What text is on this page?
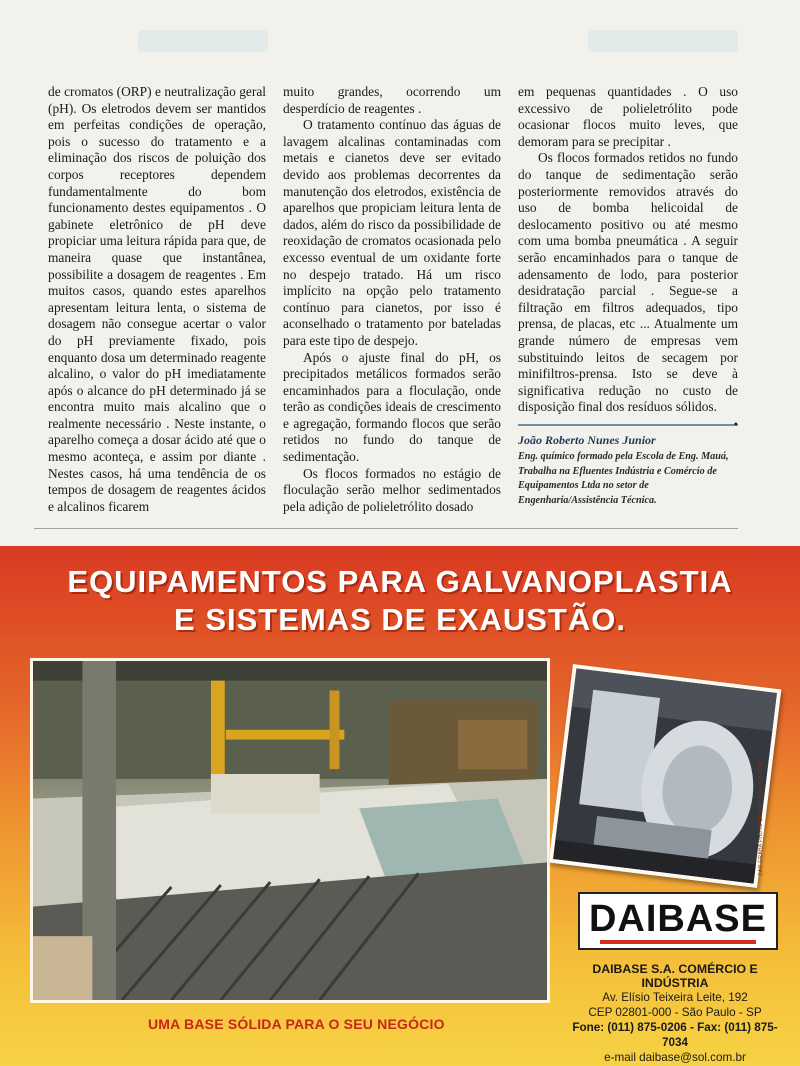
de cromatos (ORP) e neutralização geral (pH). Os eletrodos devem ser mantidos em perfeitas condições de operação, pois o sucesso do tratamento e a eliminação dos riscos de poluição dos corpos receptores dependem fundamentalmente do bom funcionamento destes equipamentos . O gabinete eletrônico de pH deve propiciar uma leitura rápida para que, de maneira quase que instantânea, possibilite a dosagem de reagentes . Em muitos casos, quando estes aparelhos apresentam leitura lenta, o sistema de dosagem não consegue acertar o valor do pH previamente fixado, pois enquanto dosa um determinado reagente alcalino, o valor do pH imediatamente após o alcance do pH determinado já se encontra muito mais alcalino que o realmente necessário . Neste instante, o aparelho começa a dosar ácido até que o mesmo aconteça, e assim por diante . Nestes casos, há uma tendência de os tempos de dosagem de reagentes ácidos e alcalinos ficarem

muito grandes, ocorrendo um desperdício de reagentes .

O tratamento contínuo das águas de lavagem alcalinas contaminadas com metais e cianetos deve ser evitado devido aos problemas decorrentes da manutenção dos eletrodos, existência de aparelhos que propiciam leitura lenta de dados, além do risco da possibilidade de reoxidação de cromatos ocasionada pelo excesso eventual de um oxidante forte no despejo tratado. Há um risco implícito na opção pelo tratamento contínuo para cianetos, por isso é aconselhado o tratamento por bateladas para este tipo de despejo.

Após o ajuste final do pH, os precipitados metálicos formados serão encaminhados para a floculação, onde terão as condições ideais de crescimento e agregação, formando flocos que serão retidos no fundo do tanque de sedimentação.

Os flocos formados no estágio de floculação serão melhor sedimentados pela adição de polieletrólito dosado

em pequenas quantidades . O uso excessivo de polieletrólito pode ocasionar flocos muito leves, que demoram para se precipitar .

Os flocos formados retidos no fundo do tanque de sedimentação serão posteriormente removidos através do uso de bomba helicoidal de deslocamento positivo ou até mesmo com uma bomba pneumática . A seguir serão encaminhados para o tanque de adensamento de lodo, para posterior desidratação parcial . Segue-se a filtração em filtros adequados, tipo prensa, de placas, etc ... Atualmente um grande número de empresas vem substituindo leitos de secagem por minifiltros-prensa. Isto se deve à significativa redução no custo de disposição final dos resíduos sólidos.
•

João Roberto Nunes Junior
Eng. químico formado pela Escola de Eng. Mauá, Trabalha na Efluentes Indústria e Comércio de Equipamentos Ltda no setor de Engenharia/Assistência Técnica.
EQUIPAMENTOS PARA GALVANOPLASTIA
E SISTEMAS DE EXAUSTÃO.
CAD GRAHA PHOTO DESIGN (011) 578-7000
DAIBASE
DAIBASE S.A. COMÉRCIO E INDÚSTRIA
Av. Elísio Teixeira Leite, 192
CEP 02801-000 - São Paulo - SP
Fone: (011) 875-0206 - Fax: (011) 875-7034
e-mail daibase@sol.com.br
UMA BASE SÓLIDA PARA O SEU NEGÓCIO
